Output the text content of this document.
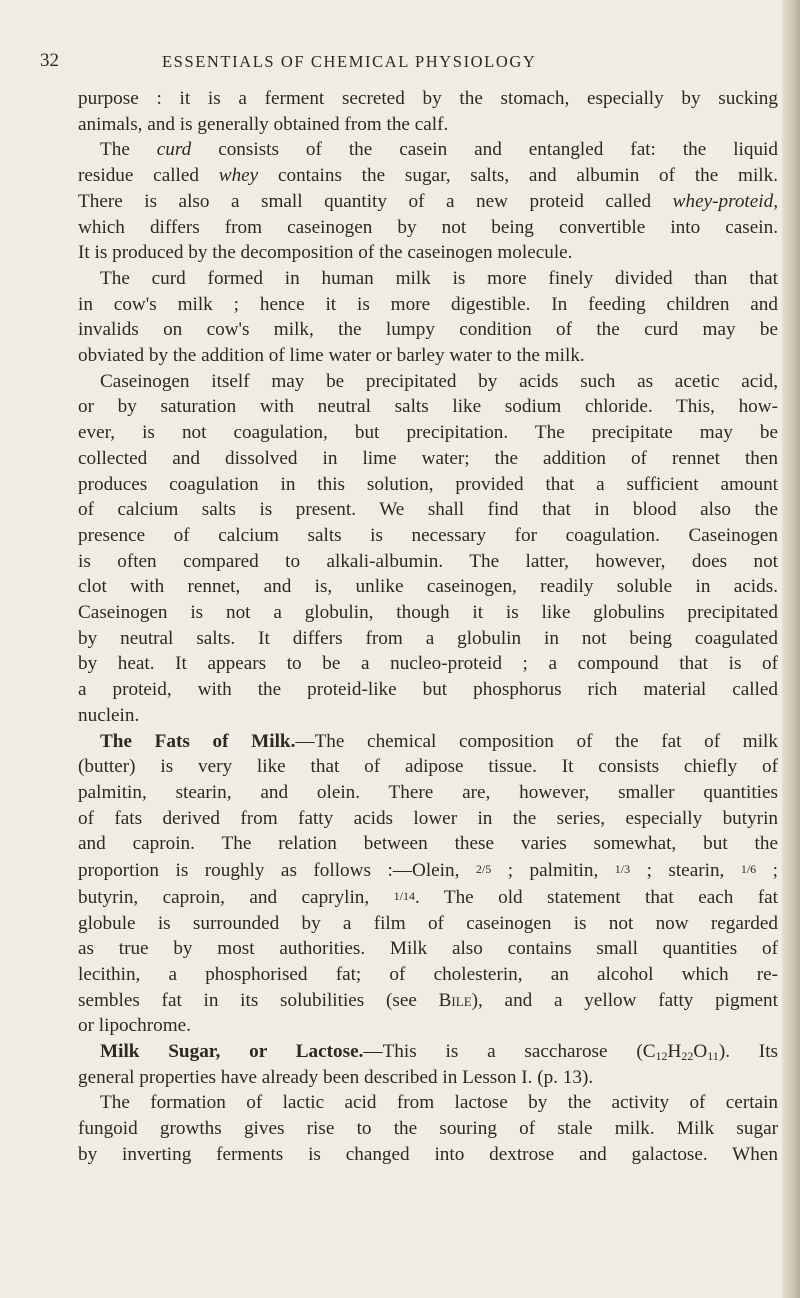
32	ESSENTIALS OF CHEMICAL PHYSIOLOGY
purpose : it is a ferment secreted by the stomach, especially by sucking
animals, and is generally obtained from the calf.
The curd consists of the casein and entangled fat: the liquid
residue called whey contains the sugar, salts, and albumin of the milk.
There is also a small quantity of a new proteid called whey-proteid,
which differs from caseinogen by not being convertible into casein.
It is produced by the decomposition of the caseinogen molecule.
The curd formed in human milk is more finely divided than that
in cow's milk ; hence it is more digestible. In feeding children and
invalids on cow's milk, the lumpy condition of the curd may be
obviated by the addition of lime water or barley water to the milk.
Caseinogen itself may be precipitated by acids such as acetic acid,
or by saturation with neutral salts like sodium chloride. This, how-
ever, is not coagulation, but precipitation. The precipitate may be
collected and dissolved in lime water; the addition of rennet then
produces coagulation in this solution, provided that a sufficient amount
of calcium salts is present. We shall find that in blood also the
presence of calcium salts is necessary for coagulation. Caseinogen
is often compared to alkali-albumin. The latter, however, does not
clot with rennet, and is, unlike caseinogen, readily soluble in acids.
Caseinogen is not a globulin, though it is like globulins precipitated
by neutral salts. It differs from a globulin in not being coagulated
by heat. It appears to be a nucleo-proteid ; a compound that is of
a proteid, with the proteid-like but phosphorus rich material called
nuclein.
The Fats of Milk.—The chemical composition of the fat of milk
(butter) is very like that of adipose tissue. It consists chiefly of
palmitin, stearin, and olein. There are, however, smaller quantities
of fats derived from fatty acids lower in the series, especially butyrin
and caproin. The relation between these varies somewhat, but the
proportion is roughly as follows :—Olein, 2/5 ; palmitin, 1/3 ; stearin, 1/6 ;
butyrin, caproin, and caprylin, 1/14. The old statement that each fat
globule is surrounded by a film of caseinogen is not now regarded
as true by most authorities. Milk also contains small quantities of
lecithin, a phosphorised fat; of cholesterin, an alcohol which re-
sembles fat in its solubilities (see Bile), and a yellow fatty pigment
or lipochrome.
Milk Sugar, or Lactose.—This is a saccharose $(C_{12}H_{22}O_{11})$. Its
general properties have already been described in Lesson I. (p. 13).
The formation of lactic acid from lactose by the activity of certain
fungoid growths gives rise to the souring of stale milk. Milk sugar
by inverting ferments is changed into dextrose and galactose. When
